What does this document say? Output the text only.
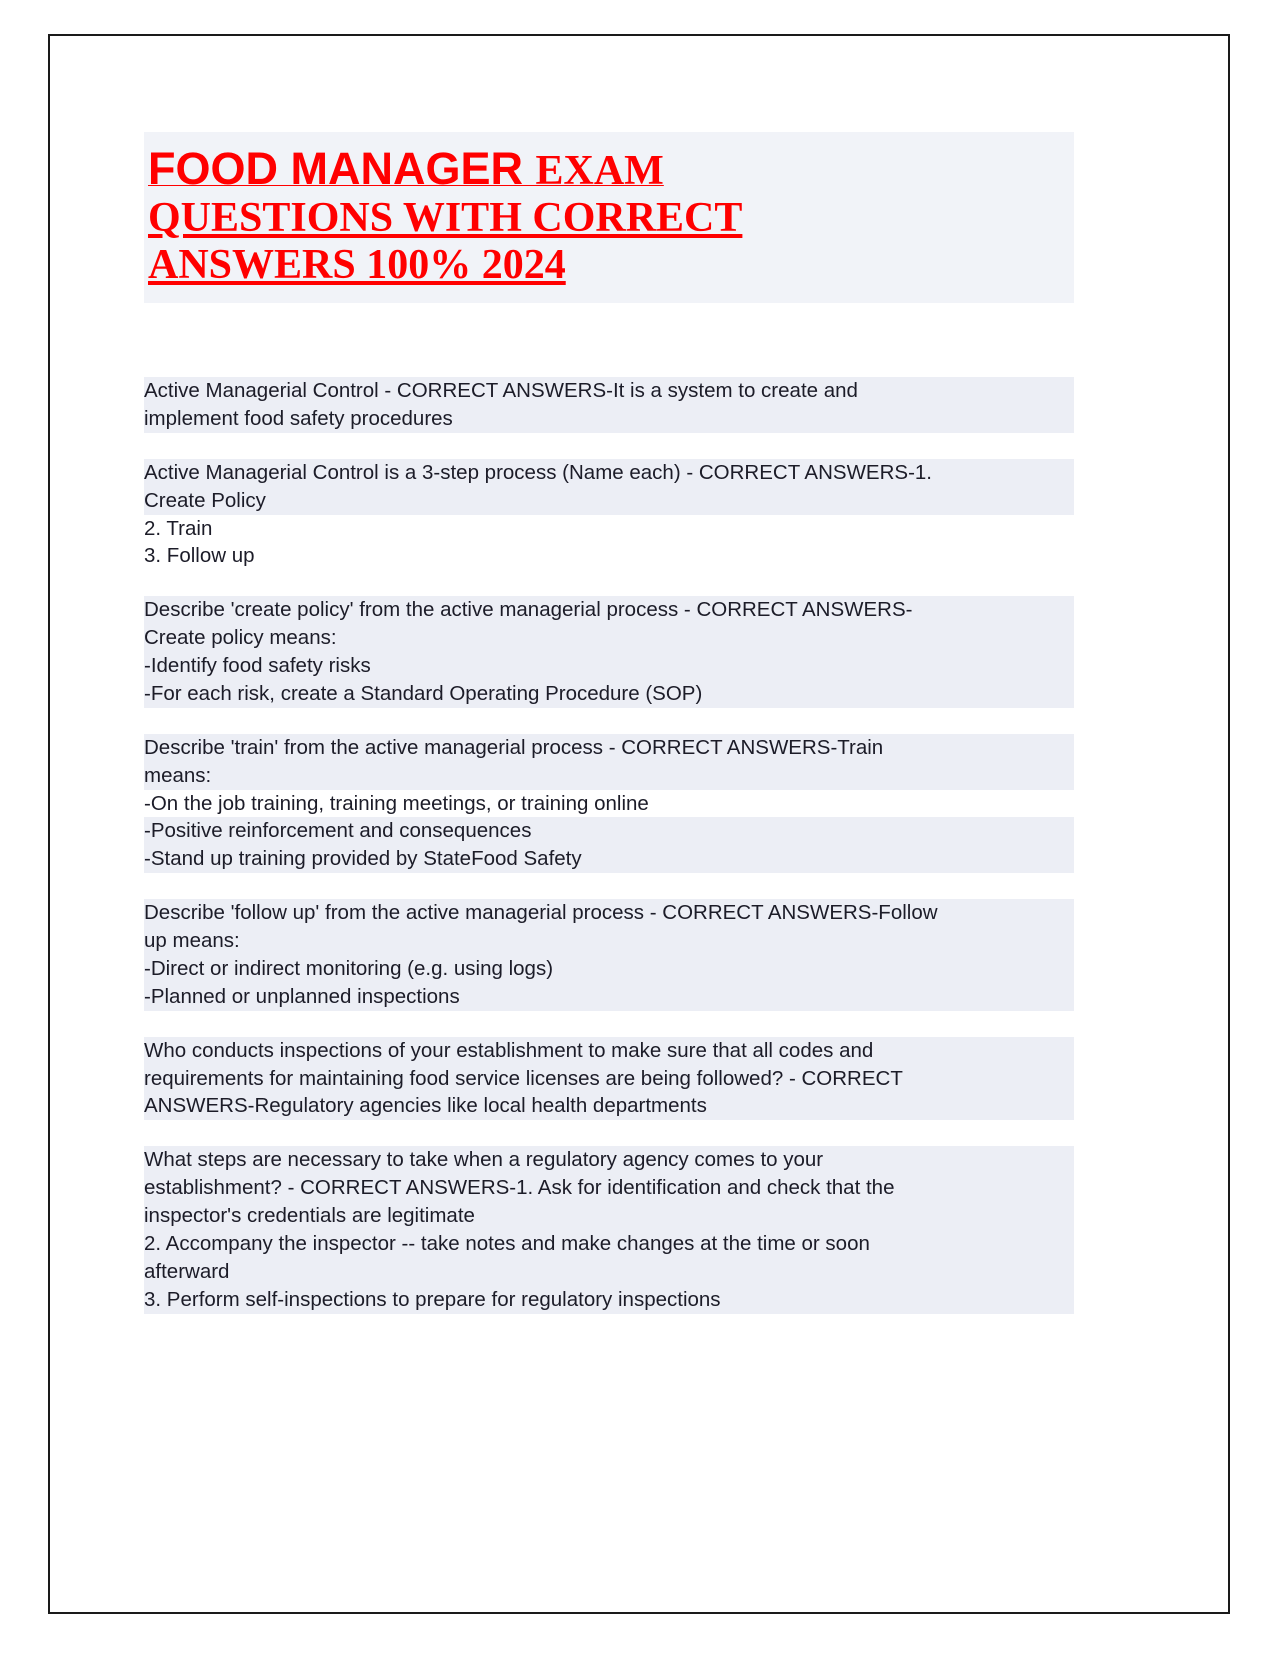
FOOD MANAGER EXAM
QUESTIONS WITH CORRECT
ANSWERS 100% 2024
Active Managerial Control - CORRECT ANSWERS-It is a system to create and
implement food safety procedures
Active Managerial Control is a 3-step process (Name each) - CORRECT ANSWERS-1.
Create Policy
2. Train
3. Follow up
Describe 'create policy' from the active managerial process - CORRECT ANSWERS-
Create policy means:
-Identify food safety risks
-For each risk, create a Standard Operating Procedure (SOP)
Describe 'train' from the active managerial process - CORRECT ANSWERS-Train
means:
-On the job training, training meetings, or training online
-Positive reinforcement and consequences
-Stand up training provided by StateFood Safety
Describe 'follow up' from the active managerial process - CORRECT ANSWERS-Follow
up means:
-Direct or indirect monitoring (e.g. using logs)
-Planned or unplanned inspections
Who conducts inspections of your establishment to make sure that all codes and
requirements for maintaining food service licenses are being followed? - CORRECT
ANSWERS-Regulatory agencies like local health departments
What steps are necessary to take when a regulatory agency comes to your
establishment? - CORRECT ANSWERS-1. Ask for identification and check that the
inspector's credentials are legitimate
2. Accompany the inspector -- take notes and make changes at the time or soon
afterward
3. Perform self-inspections to prepare for regulatory inspections
